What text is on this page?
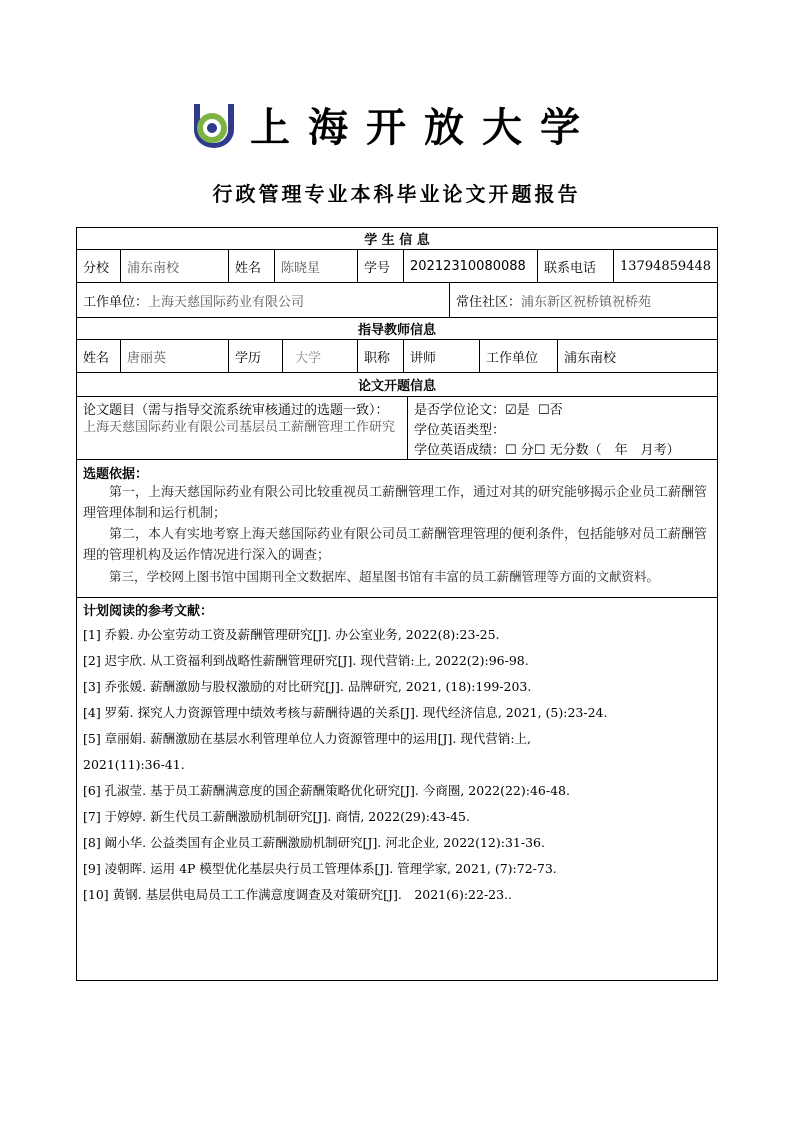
上海开放大学
行政管理专业本科毕业论文开题报告
学 生 信 息
分校	浦东南校	姓名	陈晓星	学号	20212310080088	联系电话	13794859448
工作单位： 上海天慈国际药业有限公司	常住社区： 浦东新区祝桥镇祝桥苑
指导教师信息
姓名	唐丽英	学历	大学	职称	讲师	工作单位	浦东南校
论文开题信息
论文题目（需与指导交流系统审核通过的选题一致）：
上海天慈国际药业有限公司基层员工薪酬管理工作研究
是否学位论文：☑是 ☐否
学位英语类型：
学位英语成绩：☐ 分☐ 无分数（　年　月考）
选题依据：
第一，上海天慈国际药业有限公司比较重视员工薪酬管理工作，通过对其的研究能够揭示企业员工薪酬管理管理体制和运行机制；
第二，本人有实地考察上海天慈国际药业有限公司员工薪酬管理管理的便利条件，包括能够对员工薪酬管理的管理机构及运作情况进行深入的调查；
第三，学校网上图书馆中国期刊全文数据库、超星图书馆有丰富的员工薪酬管理等方面的文献资料。
计划阅读的参考文献：
[1] 乔毅. 办公室劳动工资及薪酬管理研究[J]. 办公室业务, 2022(8):23-25.
[2] 迟宇欣. 从工资福利到战略性薪酬管理研究[J]. 现代营销:上, 2022(2):96-98.
[3] 乔张媛. 薪酬激励与股权激励的对比研究[J]. 品牌研究, 2021, (18):199-203.
[4] 罗菊. 探究人力资源管理中绩效考核与薪酬待遇的关系[J]. 现代经济信息, 2021, (5):23-24.
[5] 章丽娟. 薪酬激励在基层水利管理单位人力资源管理中的运用[J]. 现代营销:上,
2021(11):36-41.
[6] 孔淑莹. 基于员工薪酬满意度的国企薪酬策略优化研究[J]. 今商圈, 2022(22):46-48.
[7] 于婷婷. 新生代员工薪酬激励机制研究[J]. 商情, 2022(29):43-45.
[8] 阚小华. 公益类国有企业员工薪酬激励机制研究[J]. 河北企业, 2022(12):31-36.
[9] 凌朝晖. 运用 4P 模型优化基层央行员工管理体系[J]. 管理学家, 2021, (7):72-73.
[10] 黄钢. 基层供电局员工工作满意度调查及对策研究[J].　2021(6):22-23..
